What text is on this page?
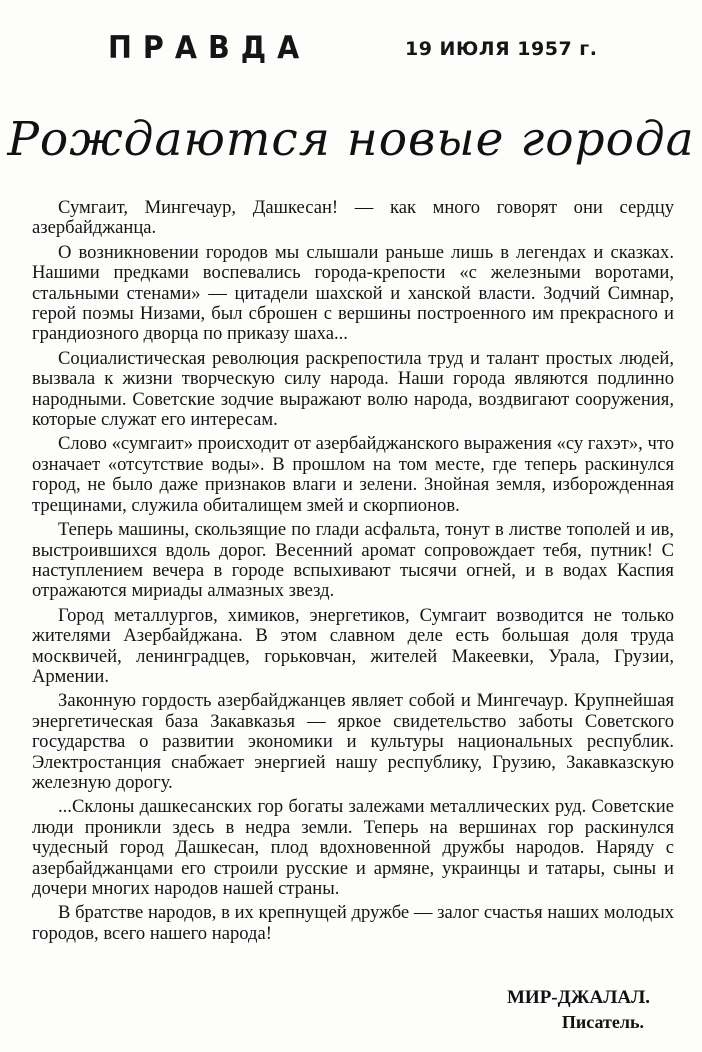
ПРАВДА	19 ИЮЛЯ 1957 г.
Рождаются новые города

Сумгаит, Мингечаур, Дашкесан! — как много говорят они сердцу азербайджанца.

О возникновении городов мы слышали раньше лишь в легендах и сказках. Нашими предками воспевались города-крепости «с железными воротами, стальными стенами» — цитадели шахской и ханской власти. Зодчий Симнар, герой поэмы Низами, был сброшен с вершины построенного им прекрасного и грандиозного дворца по приказу шаха...

Социалистическая революция раскрепостила труд и талант простых людей, вызвала к жизни творческую силу народа. Наши города являются подлинно народными. Советские зодчие выражают волю народа, воздвигают сооружения, которые служат его интересам.

Слово «сумгаит» происходит от азербайджанского выражения «су гахэт», что означает «отсутствие воды». В прошлом на том месте, где теперь раскинулся город, не было даже признаков влаги и зелени. Знойная земля, изборожденная трещинами, служила обиталищем змей и скорпионов.

Теперь машины, скользящие по глади асфальта, тонут в листве тополей и ив, выстроившихся вдоль дорог. Весенний аромат сопровождает тебя, путник! С наступлением вечера в городе вспыхивают тысячи огней, и в водах Каспия отражаются мириады алмазных звезд.

Город металлургов, химиков, энергетиков, Сумгаит возводится не только жителями Азербайджана. В этом славном деле есть большая доля труда москвичей, ленинградцев, горьковчан, жителей Макеевки, Урала, Грузии, Армении.

Законную гордость азербайджанцев являет собой и Мингечаур. Крупнейшая энергетическая база Закавказья — яркое свидетельство заботы Советского государства о развитии экономики и культуры национальных республик. Электростанция снабжает энергией нашу республику, Грузию, Закавказскую железную дорогу.

...Склоны дашкесанских гор богаты залежами металлических руд. Советские люди проникли здесь в недра земли. Теперь на вершинах гор раскинулся чудесный город Дашкесан, плод вдохновенной дружбы народов. Наряду с азербайджанцами его строили русские и армяне, украинцы и татары, сыны и дочери многих народов нашей страны.

В братстве народов, в их крепнущей дружбе — залог счастья наших молодых городов, всего нашего народа!

МИР-ДЖАЛАЛ.
Писатель.
